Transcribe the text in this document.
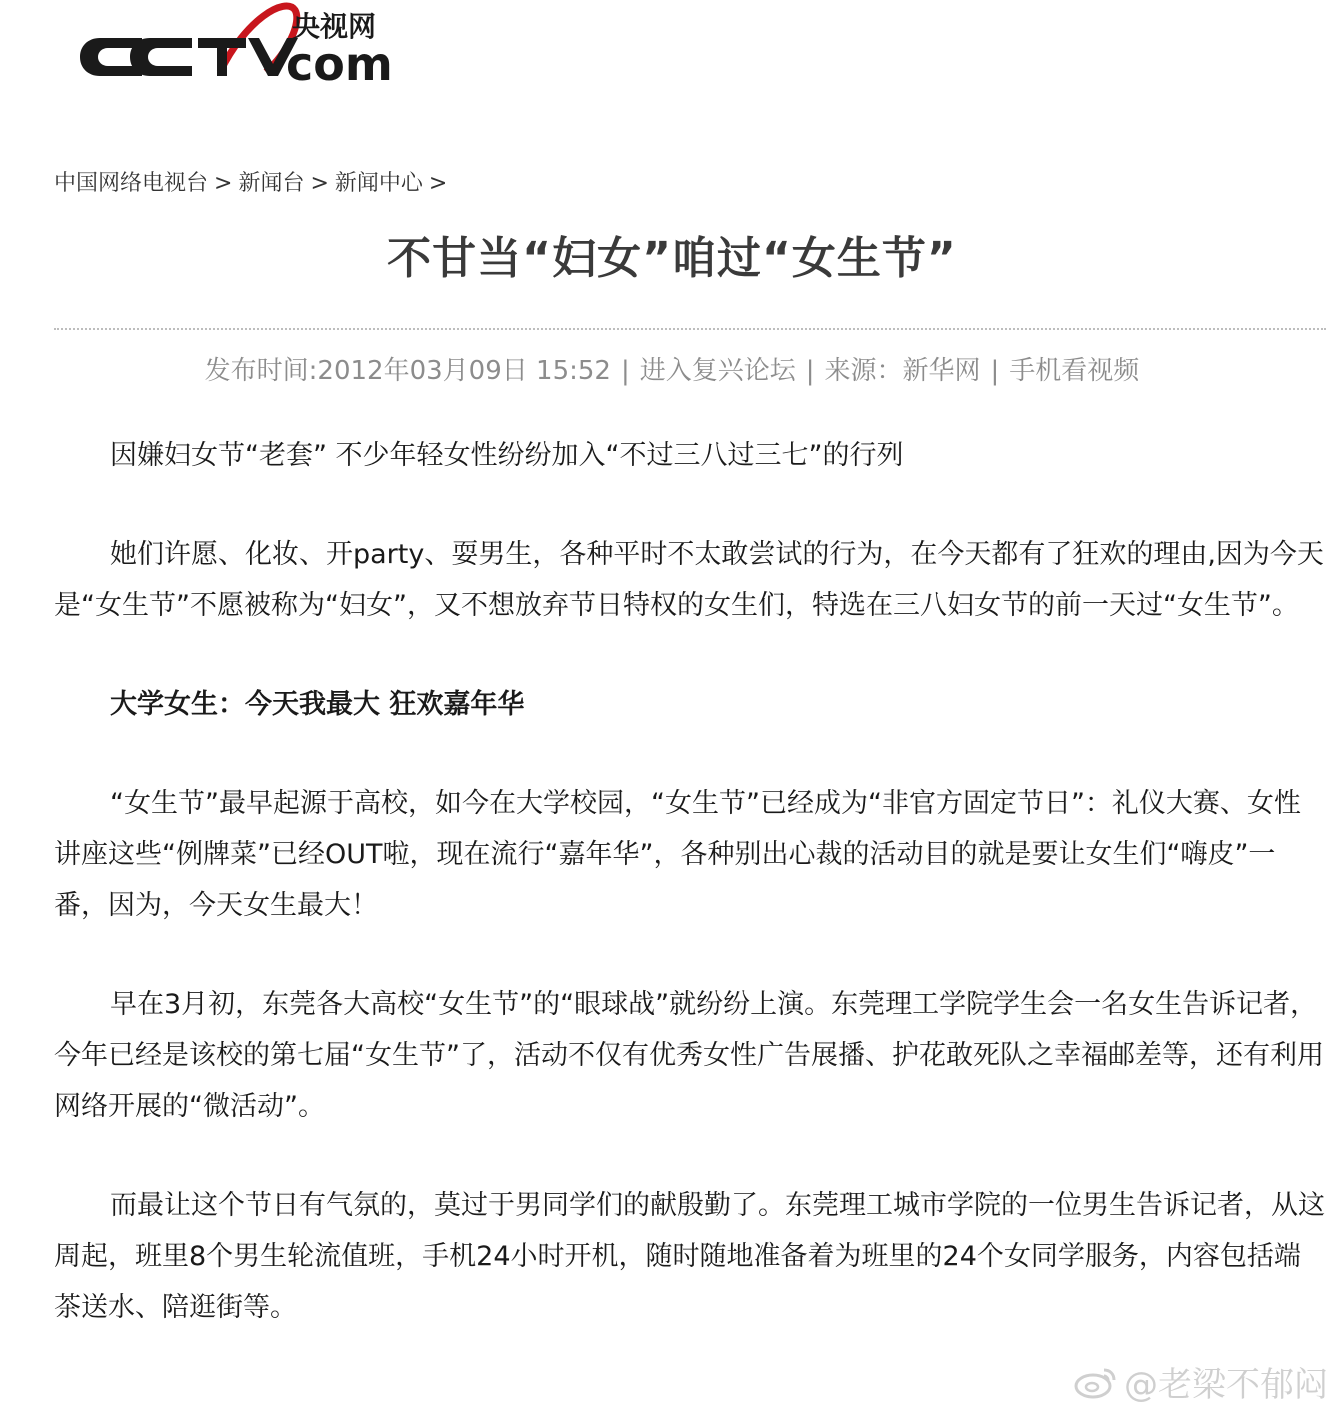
央视网
com
中国网络电视台 > 新闻台 > 新闻中心 >
不甘当“妇女”咱过“女生节”
发布时间:2012年03月09日 15:52 | 进入复兴论坛 | 来源：新华网 | 手机看视频

因嫌妇女节“老套” 不少年轻女性纷纷加入“不过三八过三七”的行列

她们许愿、化妆、开party、耍男生，各种平时不太敢尝试的行为，在今天都有了狂欢的理由,因为今天是“女生节”不愿被称为“妇女”，又不想放弃节日特权的女生们，特选在三八妇女节的前一天过“女生节”。

大学女生：今天我最大 狂欢嘉年华

“女生节”最早起源于高校，如今在大学校园，“女生节”已经成为“非官方固定节日”：礼仪大赛、女性讲座这些“例牌菜”已经OUT啦，现在流行“嘉年华”，各种别出心裁的活动目的就是要让女生们“嗨皮”一番，因为，今天女生最大！

早在3月初，东莞各大高校“女生节”的“眼球战”就纷纷上演。东莞理工学院学生会一名女生告诉记者，今年已经是该校的第七届“女生节”了，活动不仅有优秀女性广告展播、护花敢死队之幸福邮差等，还有利用网络开展的“微活动”。

而最让这个节日有气氛的，莫过于男同学们的献殷勤了。东莞理工城市学院的一位男生告诉记者，从这周起，班里8个男生轮流值班，手机24小时开机，随时随地准备着为班里的24个女同学服务，内容包括端茶送水、陪逛街等。

@老梁不郁闷
